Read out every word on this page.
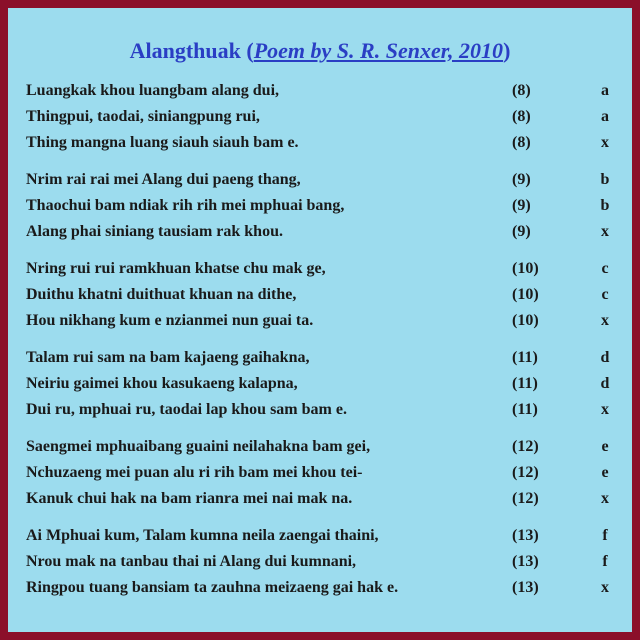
Alangthuak (Poem by S. R. Senxer, 2010)
Luangkak khou luangbam alang dui,	(8)	a
Thingpui, taodai, siniangpung rui,	(8)	a
Thing mangna luang siauh siauh bam e.	(8)	x
Nrim rai rai mei Alang dui paeng thang,	(9)	b
Thaochui bam ndiak rih rih mei mphuai bang,	(9)	b
Alang phai siniang tausiam rak khou.	(9)	x
Nring rui rui ramkhuan khatse chu mak ge,	(10)	c
Duithu khatni duithuat khuan na dithe,	(10)	c
Hou nikhang kum e nzianmei nun guai ta.	(10)	x
Talam rui sam na bam kajaeng gaihakna,	(11)	d
Neiriu gaimei khou kasukaeng kalapna,	(11)	d
Dui ru, mphuai ru, taodai lap khou sam bam e.	(11)	x
Saengmei mphuaibang guaini neilahakna bam gei,	(12)	e
Nchuzaeng mei puan alu ri rih bam mei khou tei-	(12)	e
Kanuk chui hak na bam rianra mei nai mak na.	(12)	x
Ai Mphuai kum, Talam kumna neila zaengai thaini,	(13)	f
Nrou mak na tanbau thai ni Alang dui kumnani,	(13)	f
Ringpou tuang bansiam ta zauhna meizaeng gai hak e.	(13)	x
